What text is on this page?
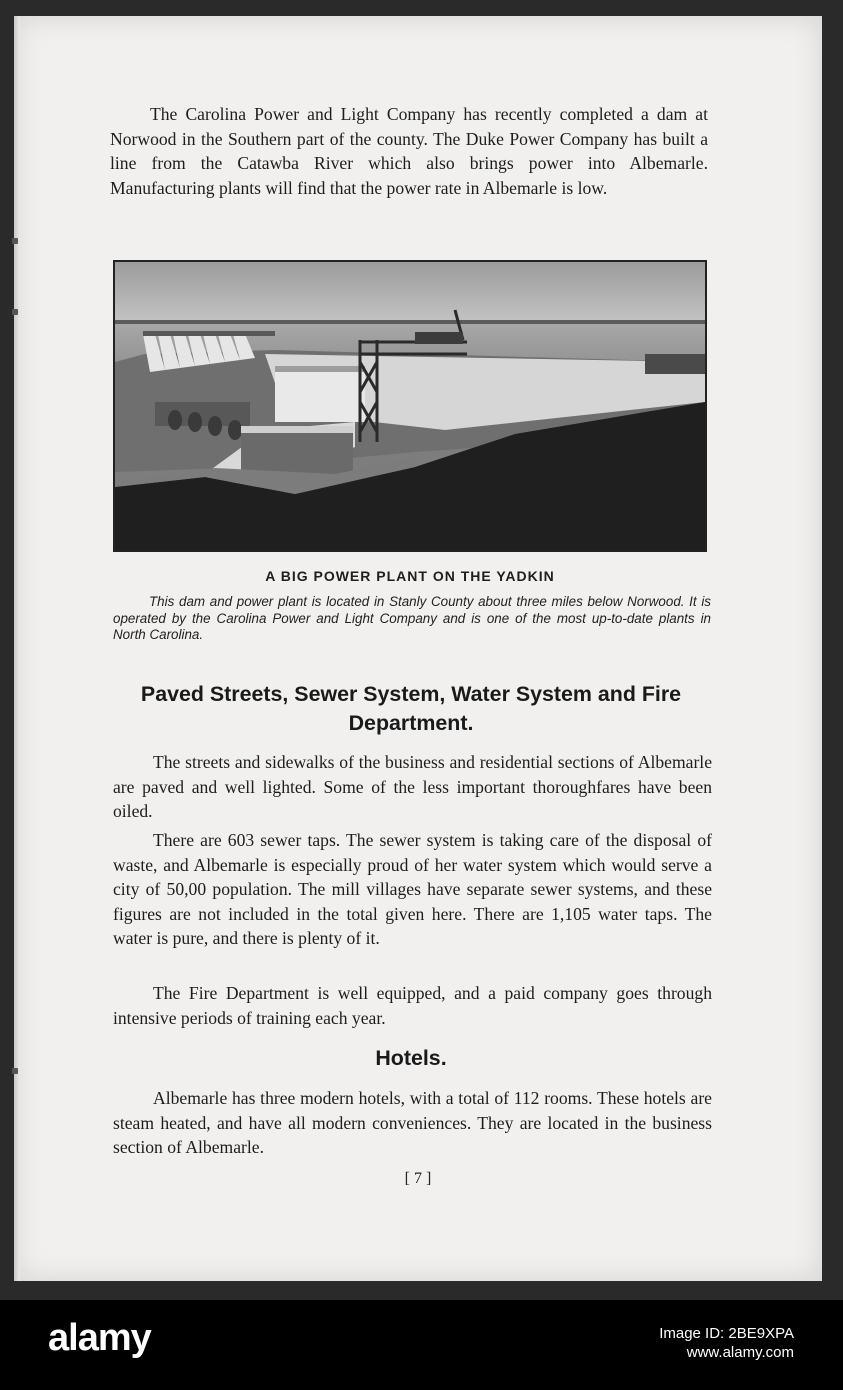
The Carolina Power and Light Company has recently completed a dam at Norwood in the Southern part of the county. The Duke Power Company has built a line from the Catawba River which also brings power into Albemarle. Manufacturing plants will find that the power rate in Albemarle is low.

A BIG POWER PLANT ON THE YADKIN

This dam and power plant is located in Stanly County about three miles below Norwood. It is operated by the Carolina Power and Light Company and is one of the most up-to-date plants in North Carolina.

Paved Streets, Sewer System, Water System and Fire Department.

The streets and sidewalks of the business and residential sections of Albemarle are paved and well lighted. Some of the less important thoroughfares have been oiled.

There are 603 sewer taps. The sewer system is taking care of the disposal of waste, and Albemarle is especially proud of her water system which would serve a city of 50,00 population. The mill villages have separate sewer systems, and these figures are not included in the total given here. There are 1,105 water taps. The water is pure, and there is plenty of it.

The Fire Department is well equipped, and a paid company goes through intensive periods of training each year.

Hotels.

Albemarle has three modern hotels, with a total of 112 rooms. These hotels are steam heated, and have all modern conveniences. They are located in the business section of Albemarle.

[ 7 ]
alamy	Image ID: 2BE9XPA
www.alamy.com
